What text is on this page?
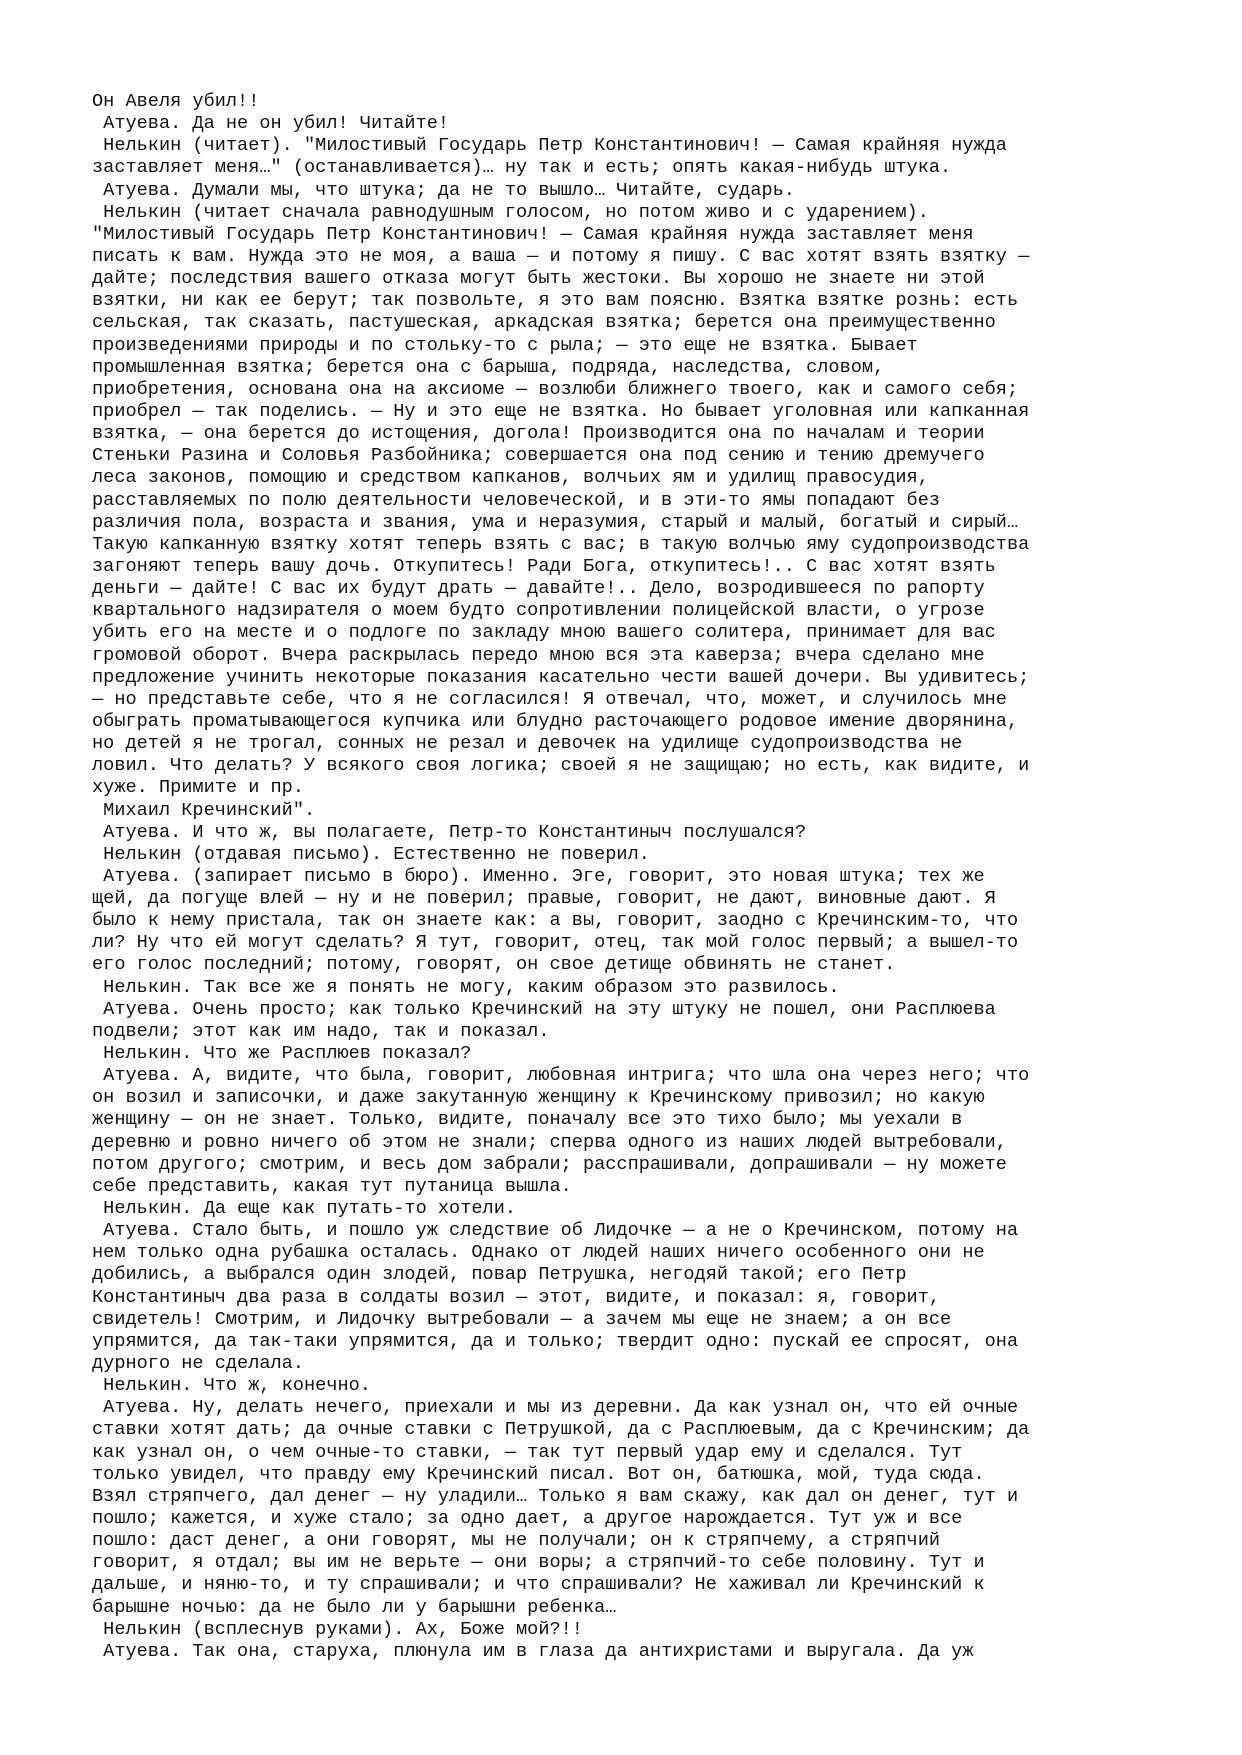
Он Авеля убил!!
Атуева. Да не он убил! Читайте!
Нелькин (читает). "Милостивый Государь Петр Константинович! — Самая крайняя нужда
заставляет меня…" (останавливается)… ну так и есть; опять какая-нибудь штука.
Атуева. Думали мы, что штука; да не то вышло… Читайте, сударь.
Нелькин (читает сначала равнодушным голосом, но потом живо и с ударением).
"Милостивый Государь Петр Константинович! — Самая крайняя нужда заставляет меня
писать к вам. Нужда это не моя, а ваша — и потому я пишу. С вас хотят взять взятку —
дайте; последствия вашего отказа могут быть жестоки. Вы хорошо не знаете ни этой
взятки, ни как ее берут; так позвольте, я это вам поясню. Взятка взятке рознь: есть
сельская, так сказать, пастушеская, аркадская взятка; берется она преимущественно
произведениями природы и по стольку-то с рыла; — это еще не взятка. Бывает
промышленная взятка; берется она с барыша, подряда, наследства, словом,
приобретения, основана она на аксиоме — возлюби ближнего твоего, как и самого себя;
приобрел — так поделись. — Ну и это еще не взятка. Но бывает уголовная или капканная
взятка, — она берется до истощения, догола! Производится она по началам и теории
Стеньки Разина и Соловья Разбойника; совершается она под сению и тению дремучего
леса законов, помощию и средством капканов, волчьих ям и удилищ правосудия,
расставляемых по полю деятельности человеческой, и в эти-то ямы попадают без
различия пола, возраста и звания, ума и неразумия, старый и малый, богатый и сирый…
Такую капканную взятку хотят теперь взять с вас; в такую волчью яму судопроизводства
загоняют теперь вашу дочь. Откупитесь! Ради Бога, откупитесь!.. С вас хотят взять
деньги — дайте! С вас их будут драть — давайте!.. Дело, возродившееся по рапорту
квартального надзирателя о моем будто сопротивлении полицейской власти, о угрозе
убить его на месте и о подлоге по закладу мною вашего солитера, принимает для вас
громовой оборот. Вчера раскрылась передо мною вся эта каверза; вчера сделано мне
предложение учинить некоторые показания касательно чести вашей дочери. Вы удивитесь;
— но представьте себе, что я не согласился! Я отвечал, что, может, и случилось мне
обыграть проматывающегося купчика или блудно расточающего родовое имение дворянина,
но детей я не трогал, сонных не резал и девочек на удилище судопроизводства не
ловил. Что делать? У всякого своя логика; своей я не защищаю; но есть, как видите, и
хуже. Примите и пр.
Михаил Кречинский".
Атуева. И что ж, вы полагаете, Петр-то Константиныч послушался?
Нелькин (отдавая письмо). Естественно не поверил.
Атуева. (запирает письмо в бюро). Именно. Эге, говорит, это новая штука; тех же
щей, да погуще влей — ну и не поверил; правые, говорит, не дают, виновные дают. Я
было к нему пристала, так он знаете как: а вы, говорит, заодно с Кречинским-то, что
ли? Ну что ей могут сделать? Я тут, говорит, отец, так мой голос первый; а вышел-то
его голос последний; потому, говорят, он свое детище обвинять не станет.
Нелькин. Так все же я понять не могу, каким образом это развилось.
Атуева. Очень просто; как только Кречинский на эту штуку не пошел, они Расплюева
подвели; этот как им надо, так и показал.
Нелькин. Что же Расплюев показал?
Атуева. А, видите, что была, говорит, любовная интрига; что шла она через него; что
он возил и записочки, и даже закутанную женщину к Кречинскому привозил; но какую
женщину — он не знает. Только, видите, поначалу все это тихо было; мы уехали в
деревню и ровно ничего об этом не знали; сперва одного из наших людей вытребовали,
потом другого; смотрим, и весь дом забрали; расспрашивали, допрашивали — ну можете
себе представить, какая тут путаница вышла.
Нелькин. Да еще как путать-то хотели.
Атуева. Стало быть, и пошло уж следствие об Лидочке — а не о Кречинском, потому на
нем только одна рубашка осталась. Однако от людей наших ничего особенного они не
добились, а выбрался один злодей, повар Петрушка, негодяй такой; его Петр
Константиныч два раза в солдаты возил — этот, видите, и показал: я, говорит,
свидетель! Смотрим, и Лидочку вытребовали — а зачем мы еще не знаем; а он все
упрямится, да так-таки упрямится, да и только; твердит одно: пускай ее спросят, она
дурного не сделала.
Нелькин. Что ж, конечно.
Атуева. Ну, делать нечего, приехали и мы из деревни. Да как узнал он, что ей очные
ставки хотят дать; да очные ставки с Петрушкой, да с Расплюевым, да с Кречинским; да
как узнал он, о чем очные-то ставки, — так тут первый удар ему и сделался. Тут
только увидел, что правду ему Кречинский писал. Вот он, батюшка, мой, туда сюда.
Взял стряпчего, дал денег — ну уладили… Только я вам скажу, как дал он денег, тут и
пошло; кажется, и хуже стало; за одно дает, а другое нарождается. Тут уж и все
пошло: даст денег, а они говорят, мы не получали; он к стряпчему, а стряпчий
говорит, я отдал; вы им не верьте — они воры; а стряпчий-то себе половину. Тут и
дальше, и няню-то, и ту спрашивали; и что спрашивали? Не хаживал ли Кречинский к
барышне ночью: да не было ли у барышни ребенка…
Нелькин (всплеснув руками). Ах, Боже мой?!!
Атуева. Так она, старуха, плюнула им в глаза да антихристами и выругала. Да уж
